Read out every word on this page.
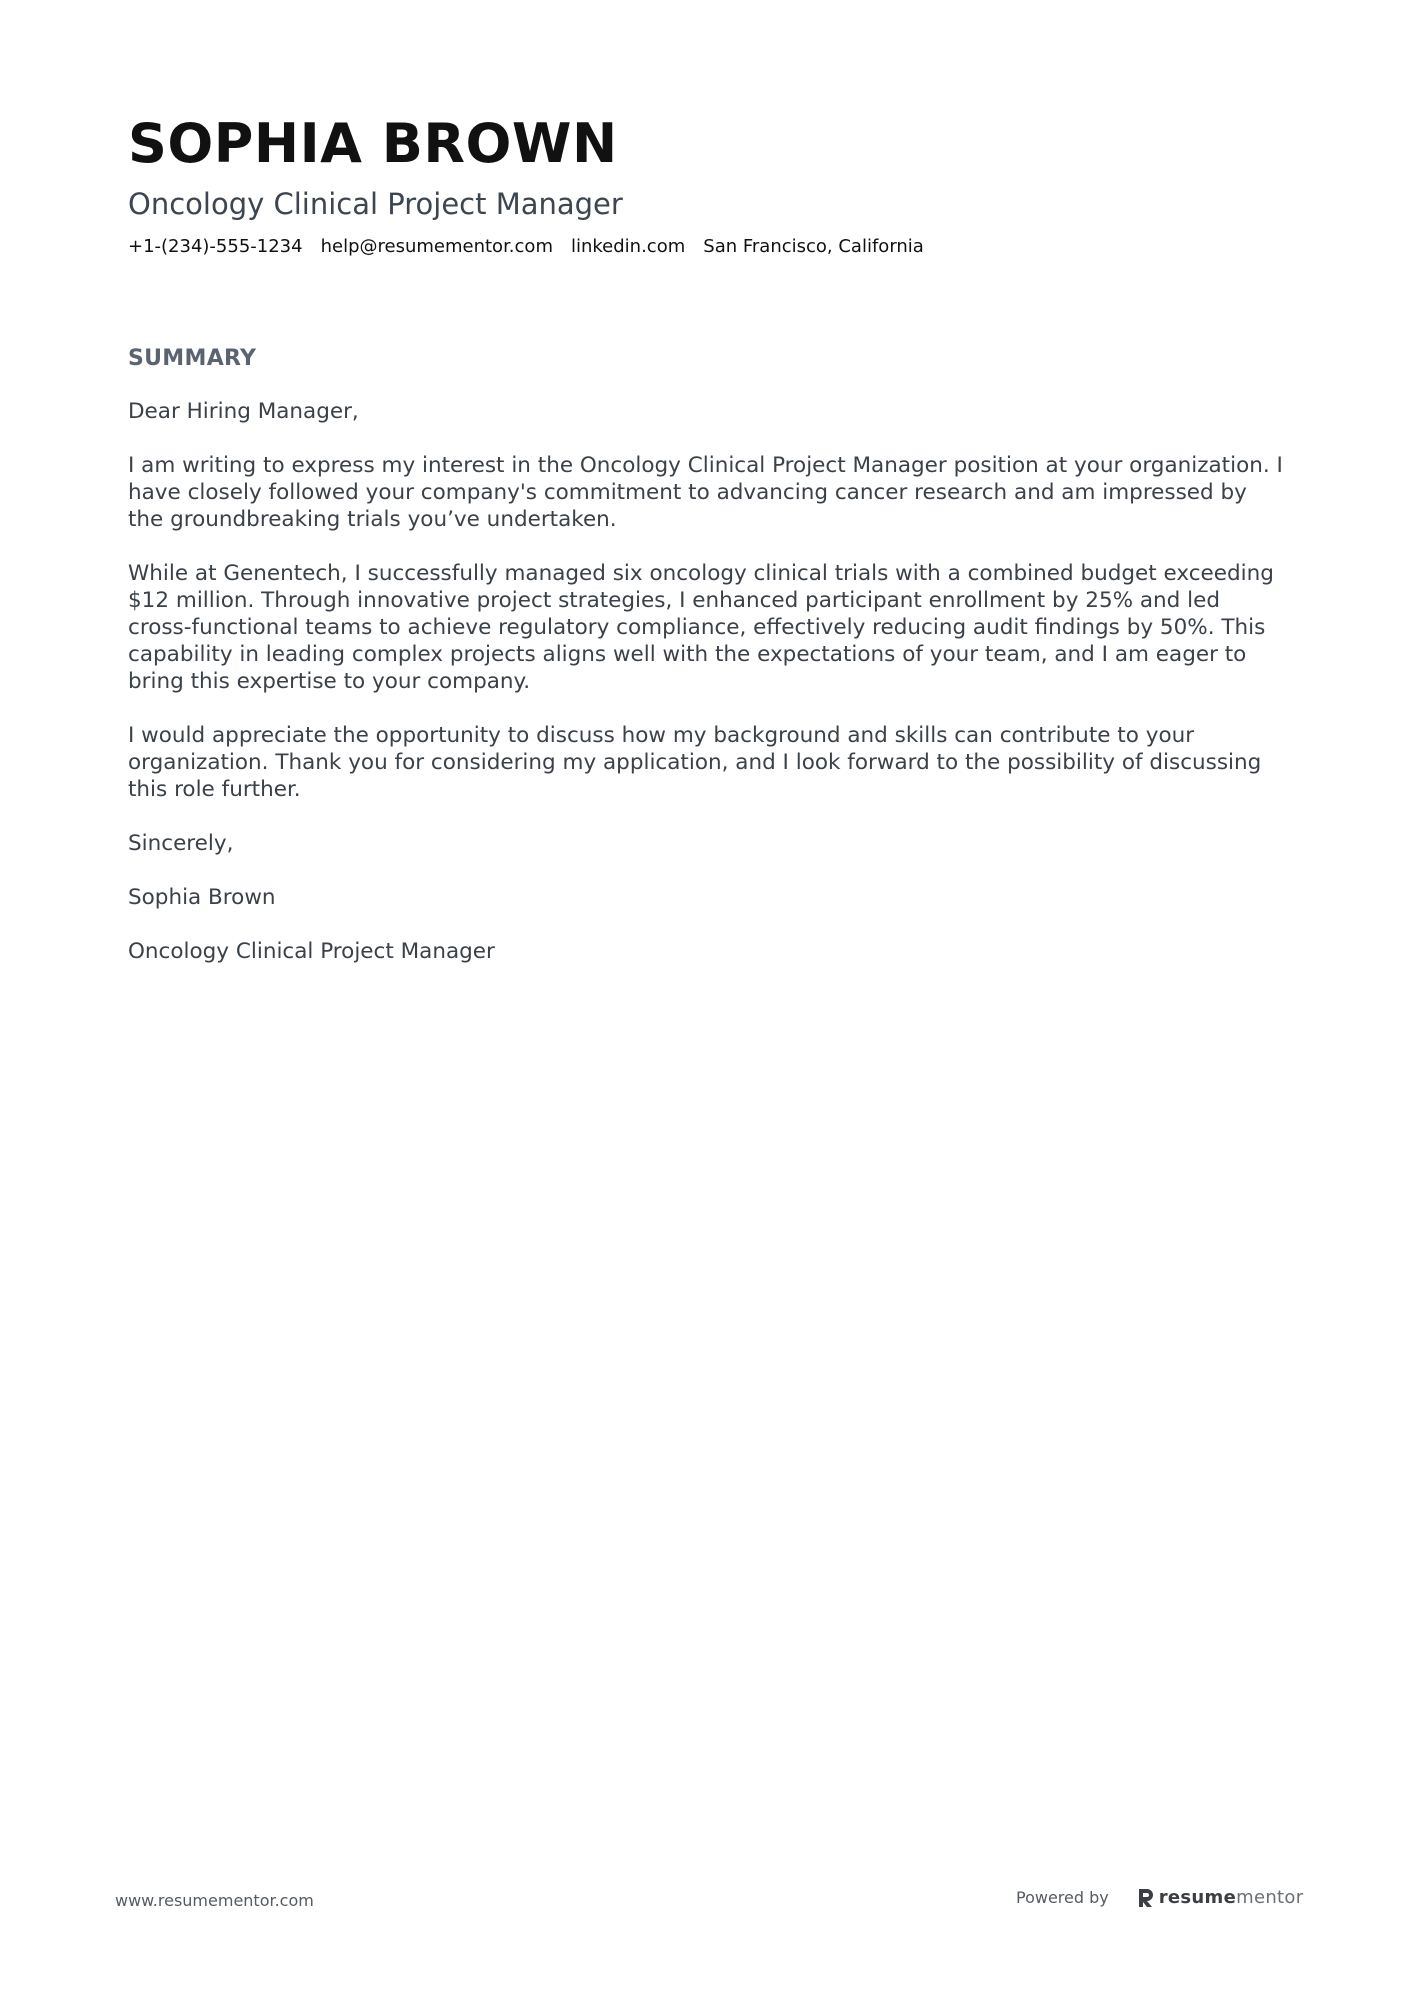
SOPHIA BROWN
Oncology Clinical Project Manager
+1-(234)-555-1234 help@resumementor.com linkedin.com San Francisco, California
SUMMARY

Dear Hiring Manager,

I am writing to express my interest in the Oncology Clinical Project Manager position at your organization. I have closely followed your company's commitment to advancing cancer research and am impressed by the groundbreaking trials you’ve undertaken.

While at Genentech, I successfully managed six oncology clinical trials with a combined budget exceeding $12 million. Through innovative project strategies, I enhanced participant enrollment by 25% and led cross-functional teams to achieve regulatory compliance, effectively reducing audit findings by 50%. This capability in leading complex projects aligns well with the expectations of your team, and I am eager to bring this expertise to your company.

I would appreciate the opportunity to discuss how my background and skills can contribute to your organization. Thank you for considering my application, and I look forward to the possibility of discussing this role further.

Sincerely,

Sophia Brown

Oncology Clinical Project Manager

www.resumementor.com	Powered by	resumementor
